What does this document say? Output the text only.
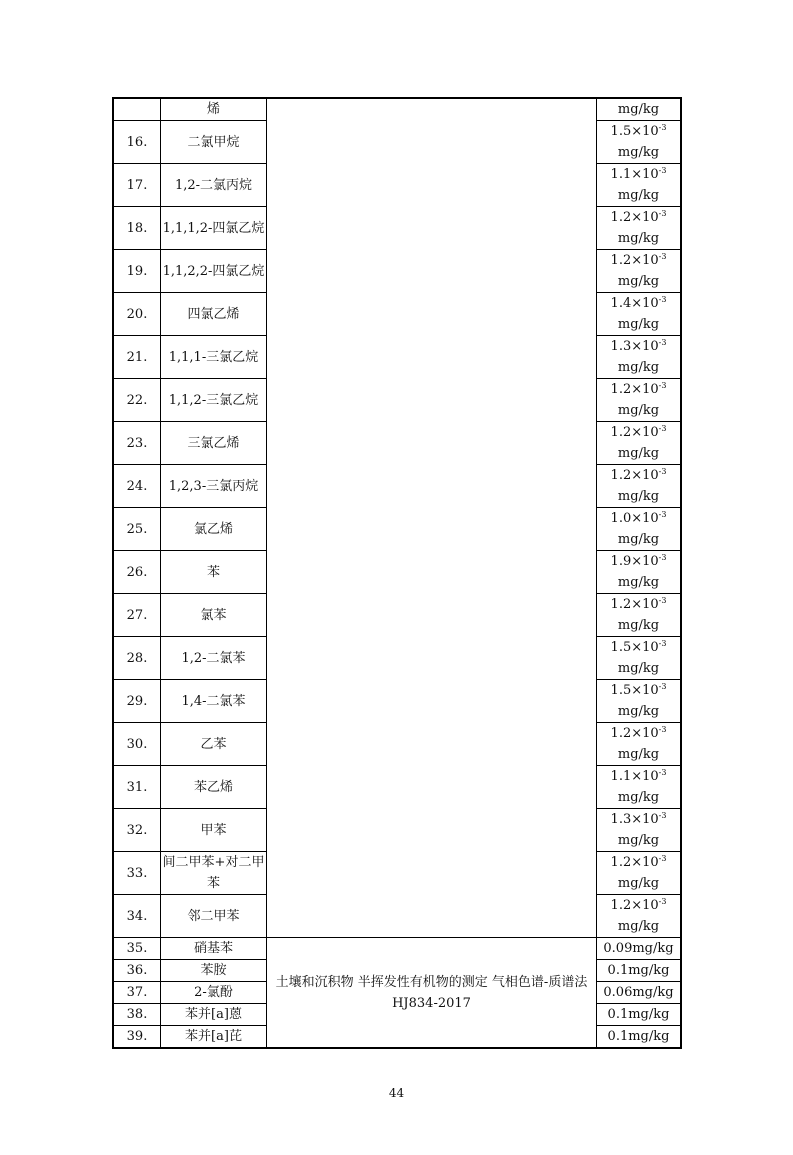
	烯		mg/kg
16.	二氯甲烷		$1.5\times 10^{-3}$
mg/kg

17.	1,2-二氯丙烷		$1.1\times 10^{-3}$
mg/kg

18.	1,1,1,2-四氯乙烷		$1.2\times 10^{-3}$
mg/kg

19.	1,1,2,2-四氯乙烷		$1.2\times 10^{-3}$
mg/kg

20.	四氯乙烯		$1.4\times 10^{-3}$
mg/kg

21.	1,1,1-三氯乙烷		$1.3\times 10^{-3}$
mg/kg

22.	1,1,2-三氯乙烷		$1.2\times 10^{-3}$
mg/kg

23.	三氯乙烯		$1.2\times 10^{-3}$
mg/kg

24.	1,2,3-三氯丙烷		$1.2\times 10^{-3}$
mg/kg

25.	氯乙烯		$1.0\times 10^{-3}$
mg/kg

26.	苯		$1.9\times 10^{-3}$
mg/kg

27.	氯苯		$1.2\times 10^{-3}$
mg/kg

28.	1,2-二氯苯		$1.5\times 10^{-3}$
mg/kg

29.	1,4-二氯苯		$1.5\times 10^{-3}$
mg/kg

30.	乙苯		$1.2\times 10^{-3}$
mg/kg

31.	苯乙烯		$1.1\times 10^{-3}$
mg/kg

32.	甲苯		$1.3\times 10^{-3}$
mg/kg

33.	间二甲苯+对二甲苯		$1.2\times 10^{-3}$
mg/kg

34.	邻二甲苯		$1.2\times 10^{-3}$
mg/kg

35.	硝基苯	土壤和沉积物 半挥发性有机物的测定 气相色谱-质谱法 HJ834-2017	0.09mg/kg
36.	苯胺		0.1mg/kg
37.	2-氯酚		0.06mg/kg
38.	苯并[a]蒽		0.1mg/kg
39.	苯并[a]芘		0.1mg/kg
44
